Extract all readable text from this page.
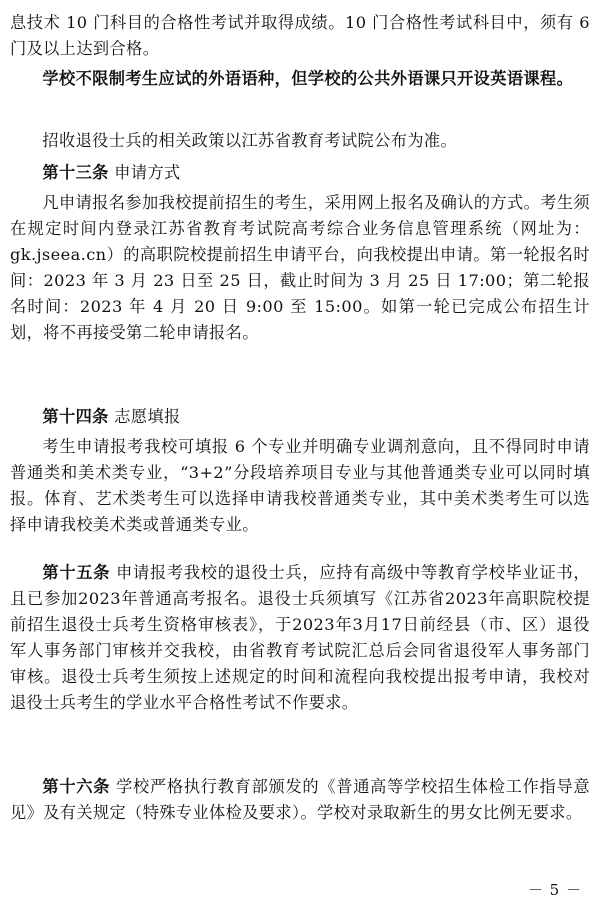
息技术 10 门科目的合格性考试并取得成绩。10 门合格性考试科目中，须有 6 门及以上达到合格。

学校不限制考生应试的外语语种，但学校的公共外语课只开设英语课程。

招收退役士兵的相关政策以江苏省教育考试院公布为准。

第十三条 申请方式

凡申请报名参加我校提前招生的考生，采用网上报名及确认的方式。考生须在规定时间内登录江苏省教育考试院高考综合业务信息管理系统（网址为：gk.jseea.cn）的高职院校提前招生申请平台，向我校提出申请。第一轮报名时间：2023 年 3 月 23 日至 25 日，截止时间为 3 月 25 日 17:00；第二轮报名时间：2023 年 4 月 20 日 9:00 至 15:00。如第一轮已完成公布招生计划，将不再接受第二轮申请报名。

第十四条 志愿填报

考生申请报考我校可填报 6 个专业并明确专业调剂意向，且不得同时申请普通类和美术类专业，“3+2”分段培养项目专业与其他普通类专业可以同时填报。体育、艺术类考生可以选择申请我校普通类专业，其中美术类考生可以选择申请我校美术类或普通类专业。

第十五条 申请报考我校的退役士兵，应持有高级中等教育学校毕业证书，且已参加2023年普通高考报名。退役士兵须填写《江苏省2023年高职院校提前招生退役士兵考生资格审核表》，于2023年3月17日前经县（市、区）退役军人事务部门审核并交我校，由省教育考试院汇总后会同省退役军人事务部门审核。退役士兵考生须按上述规定的时间和流程向我校提出报考申请，我校对退役士兵考生的学业水平合格性考试不作要求。

第十六条 学校严格执行教育部颁发的《普通高等学校招生体检工作指导意见》及有关规定（特殊专业体检及要求）。学校对录取新生的男女比例无要求。

－ 5 －
